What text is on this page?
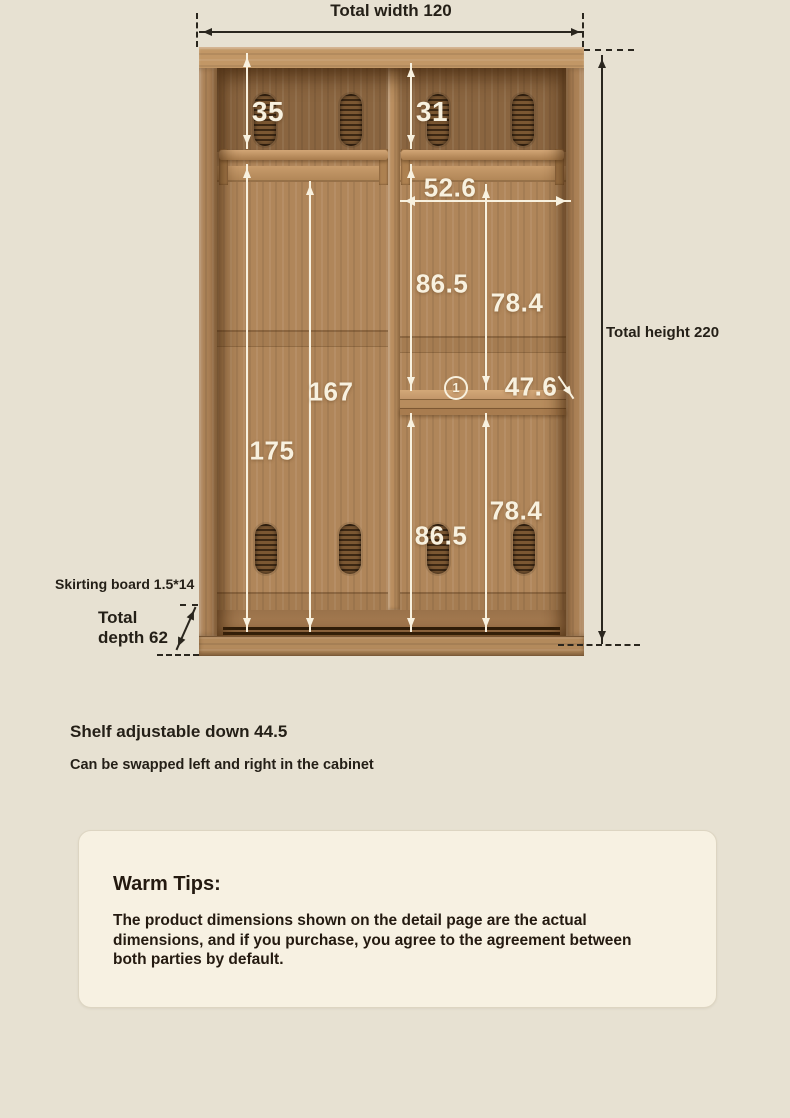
Total width 120
35	31
52.6
86.5
78.4
167
175
1	47.6
78.4
86.5
Total height 220
Skirting board 1.5*14
Total
depth 62
Shelf adjustable down 44.5
Can be swapped left and right in the cabinet
Warm Tips:
The product dimensions shown on the detail page are the actual dimensions, and if you purchase, you agree to the agreement between both parties by default.
